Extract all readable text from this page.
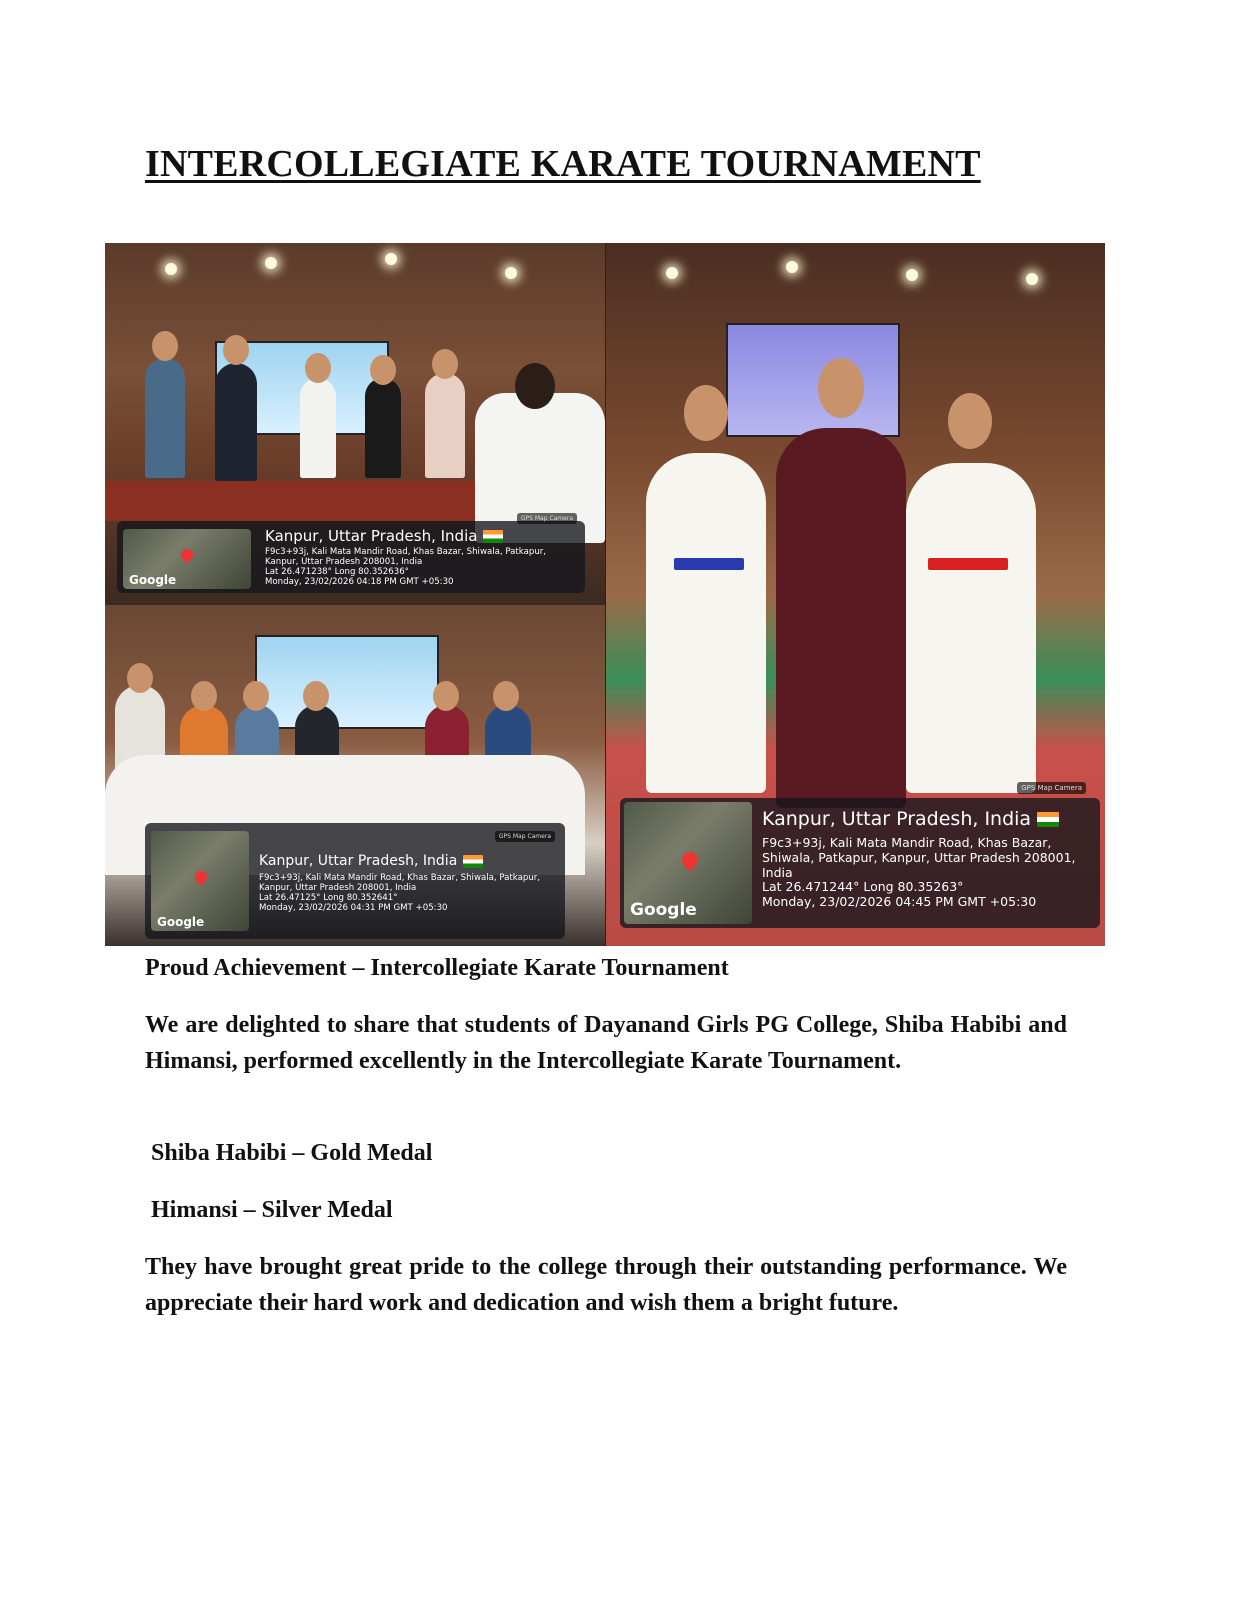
INTERCOLLEGIATE KARATE TOURNAMENT
Google
GPS Map Camera
Kanpur, Uttar Pradesh, India
F9c3+93j, Kali Mata Mandir Road, Khas Bazar, Shiwala, Patkapur, Kanpur, Uttar Pradesh 208001, India
Lat 26.471238° Long 80.352636°
Monday, 23/02/2026 04:18 PM GMT +05:30
Google
GPS Map Camera
Kanpur, Uttar Pradesh, India
F9c3+93j, Kali Mata Mandir Road, Khas Bazar, Shiwala, Patkapur, Kanpur, Uttar Pradesh 208001, India
Lat 26.47125° Long 80.352641°
Monday, 23/02/2026 04:31 PM GMT +05:30	Google
GPS Map Camera
Kanpur, Uttar Pradesh, India
F9c3+93j, Kali Mata Mandir Road, Khas Bazar, Shiwala, Patkapur, Kanpur, Uttar Pradesh 208001, India
Lat 26.471244° Long 80.35263°
Monday, 23/02/2026 04:45 PM GMT +05:30

Proud Achievement – Intercollegiate Karate Tournament

We are delighted to share that students of Dayanand Girls PG College, Shiba Habibi and Himansi, performed excellently in the Intercollegiate Karate Tournament.

Shiba Habibi – Gold Medal

Himansi – Silver Medal

They have brought great pride to the college through their outstanding performance. We appreciate their hard work and dedication and wish them a bright future.
